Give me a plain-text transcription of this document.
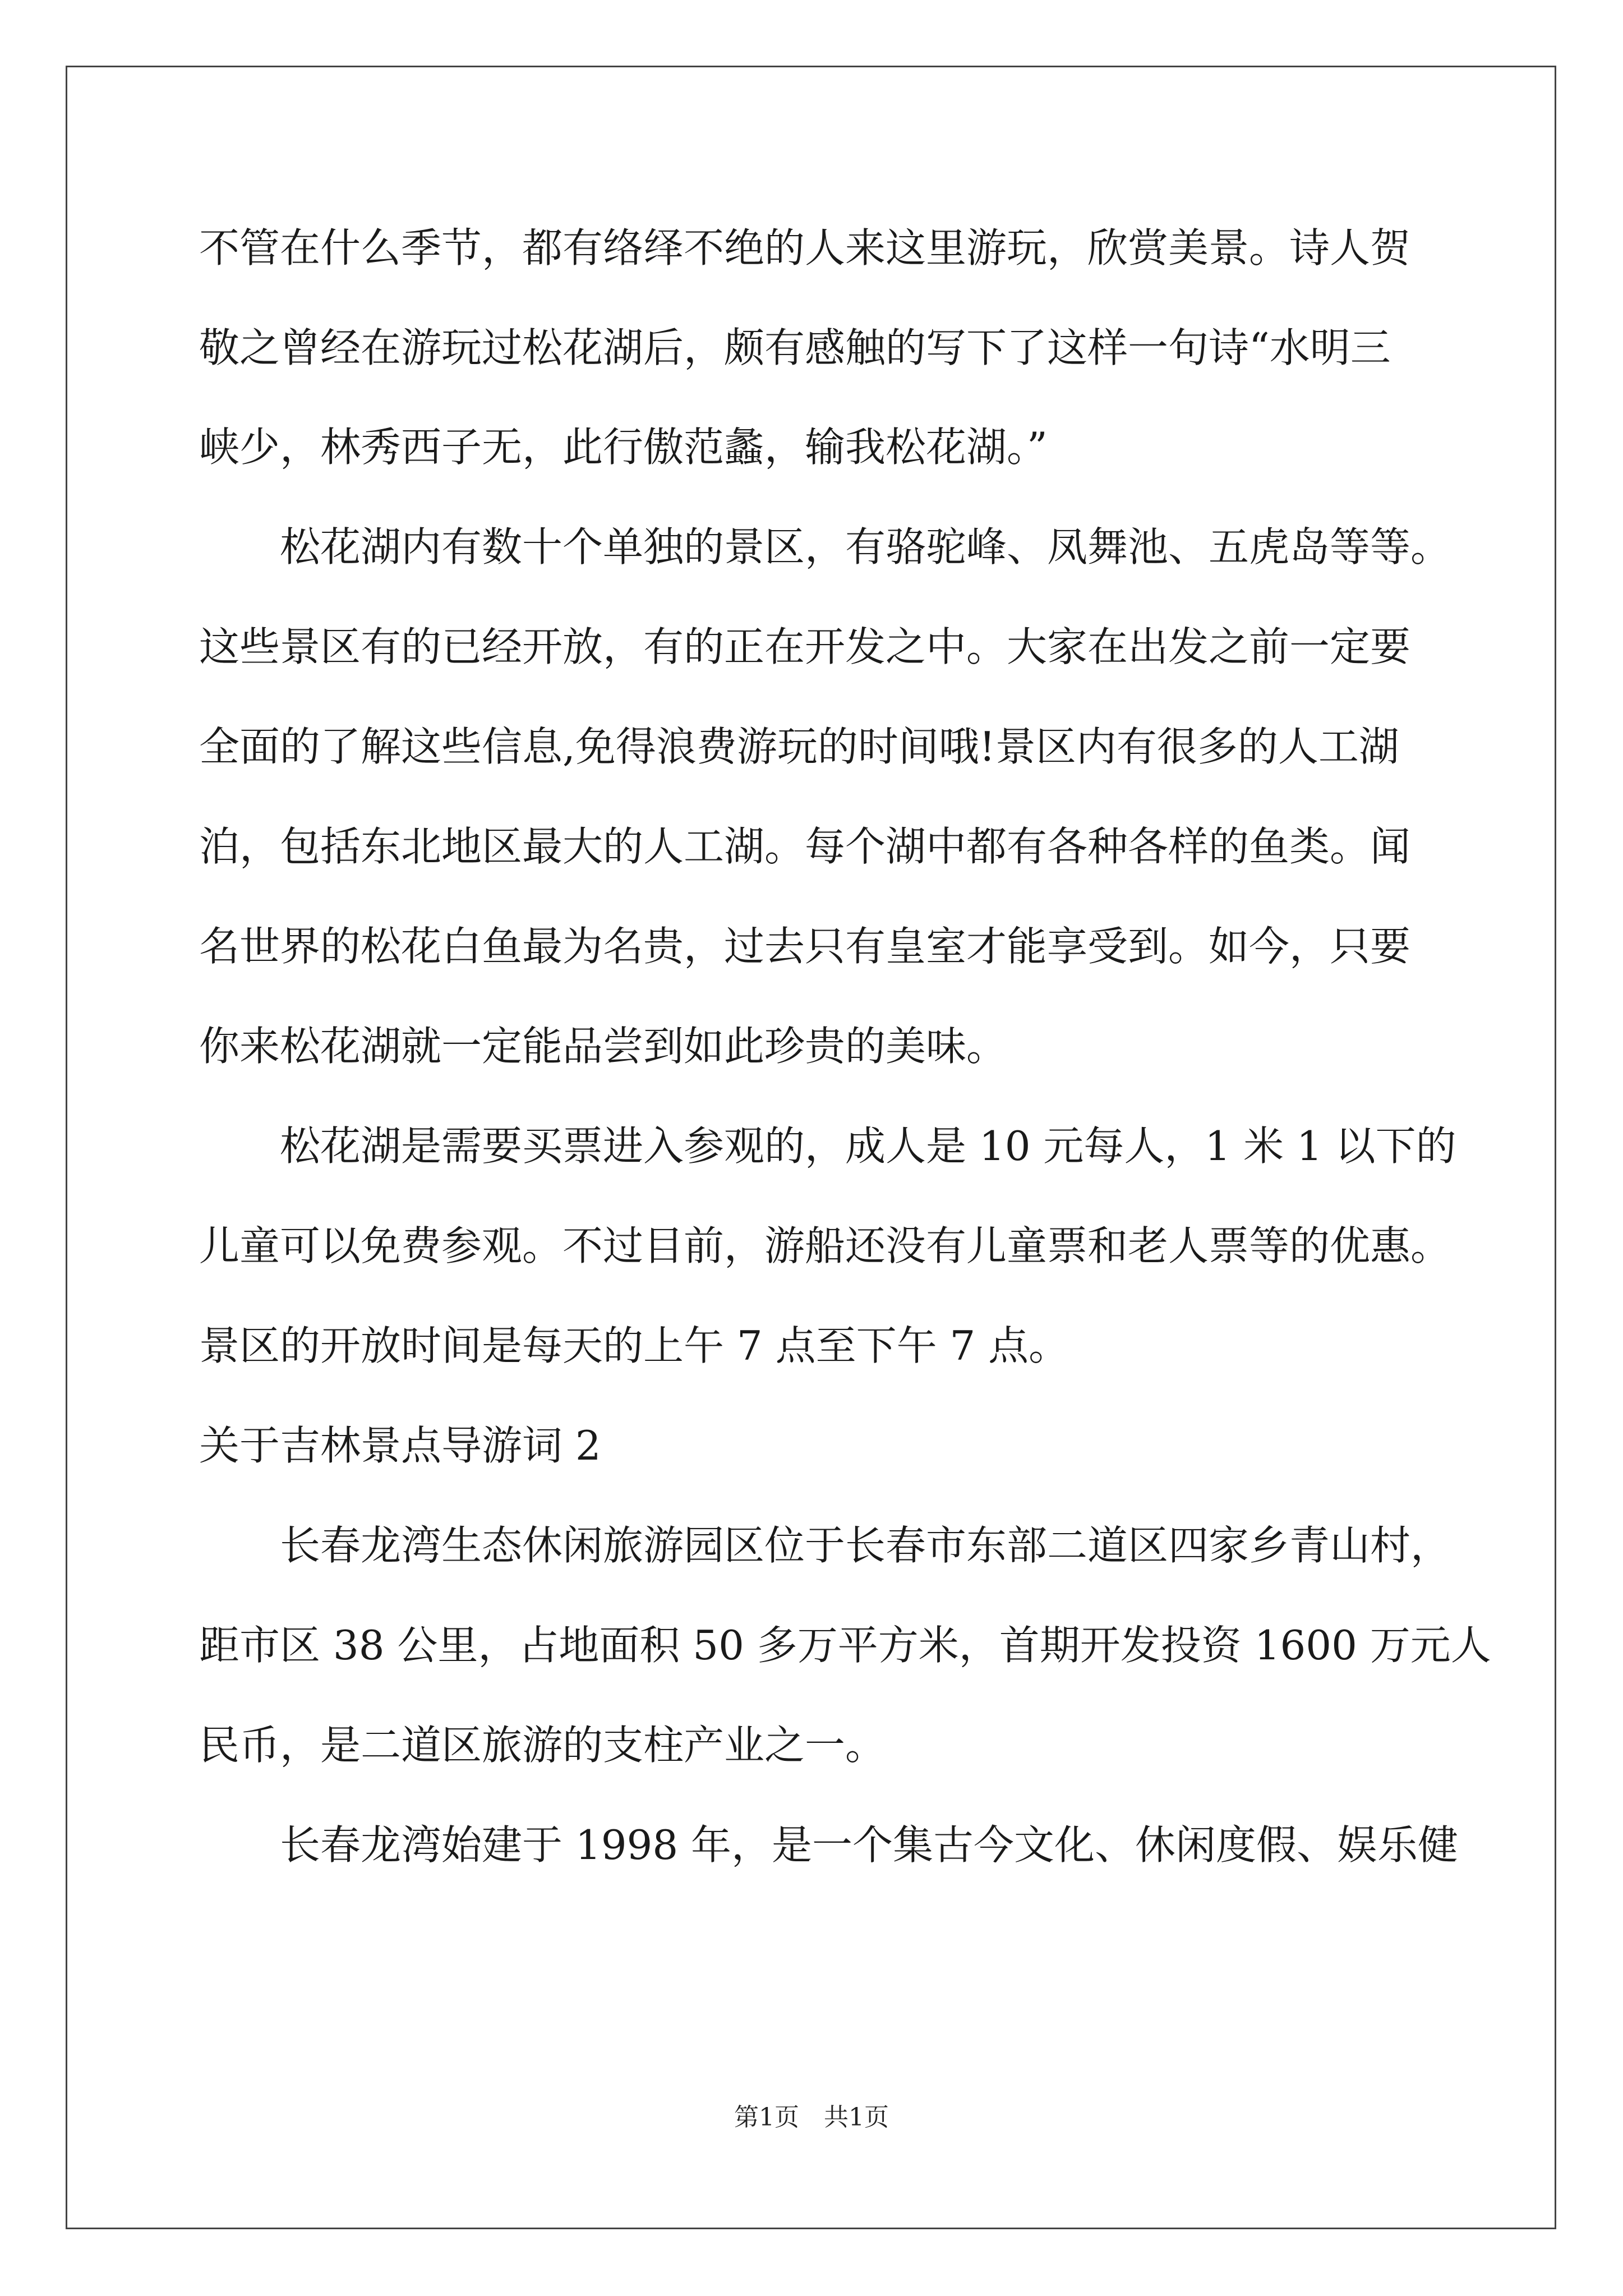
不管在什么季节，都有络绎不绝的人来这里游玩，欣赏美景。诗人贺
敬之曾经在游玩过松花湖后，颇有感触的写下了这样一句诗“水明三
峡少，林秀西子无，此行傲范蠡，输我松花湖。”
　　松花湖内有数十个单独的景区，有骆驼峰、凤舞池、五虎岛等等。
这些景区有的已经开放，有的正在开发之中。大家在出发之前一定要
全面的了解这些信息,免得浪费游玩的时间哦!景区内有很多的人工湖
泊，包括东北地区最大的人工湖。每个湖中都有各种各样的鱼类。闻
名世界的松花白鱼最为名贵，过去只有皇室才能享受到。如今，只要
你来松花湖就一定能品尝到如此珍贵的美味。
　　松花湖是需要买票进入参观的，成人是 10 元每人，1 米 1 以下的
儿童可以免费参观。不过目前，游船还没有儿童票和老人票等的优惠。
景区的开放时间是每天的上午 7 点至下午 7 点。
关于吉林景点导游词 2
　　长春龙湾生态休闲旅游园区位于长春市东部二道区四家乡青山村，
距市区 38 公里，占地面积 50 多万平方米，首期开发投资 1600 万元人
民币，是二道区旅游的支柱产业之一。
　　长春龙湾始建于 1998 年，是一个集古今文化、休闲度假、娱乐健
第1页　共1页
